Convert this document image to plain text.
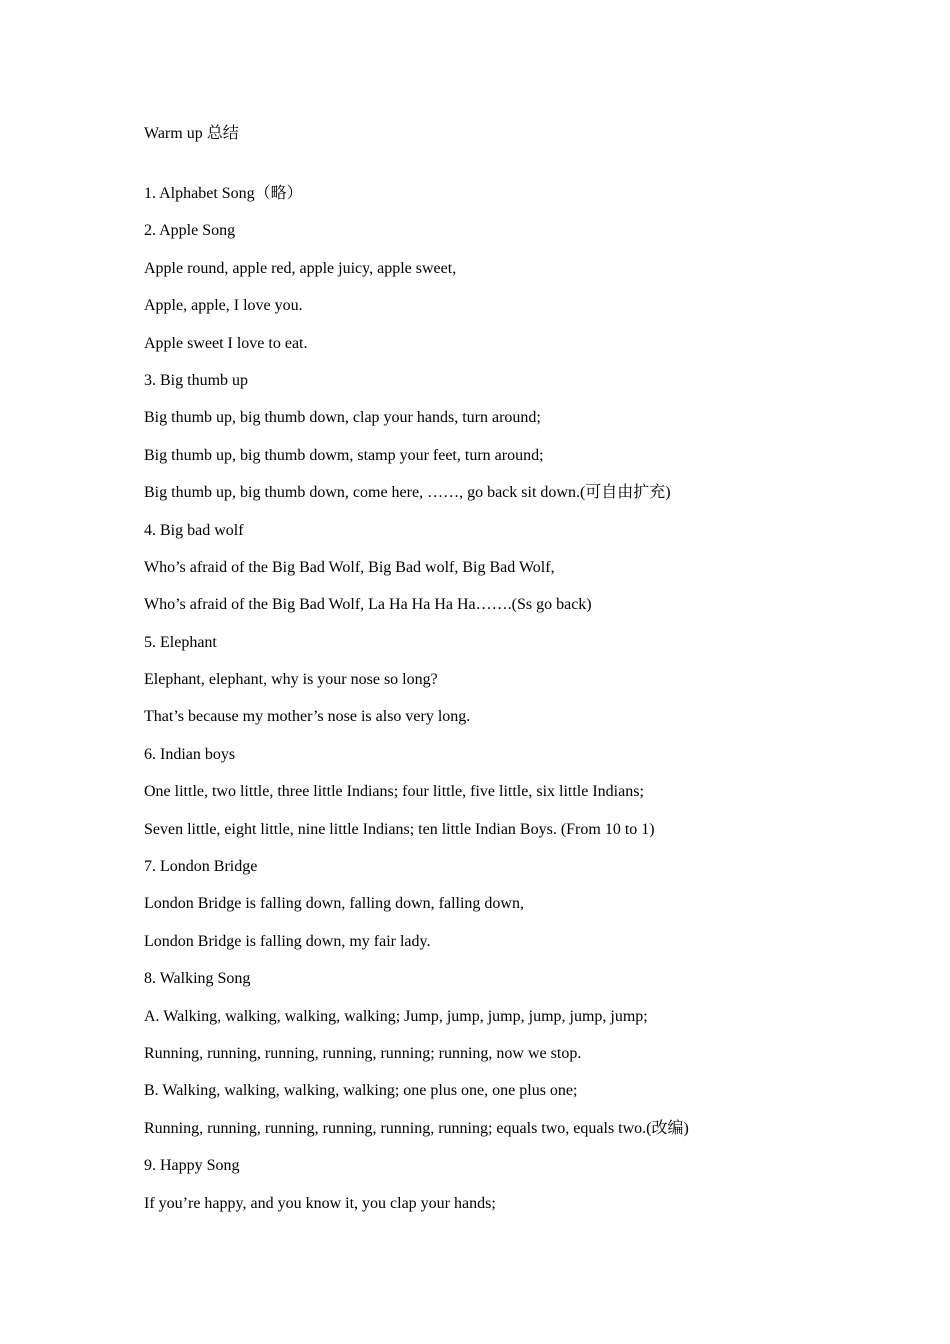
Warm up 总结
1. Alphabet Song（略）
2. Apple Song
Apple round, apple red, apple juicy, apple sweet,
Apple, apple, I love you.
Apple sweet I love to eat.
3. Big thumb up
Big thumb up, big thumb down, clap your hands, turn around;
Big thumb up, big thumb dowm, stamp your feet, turn around;
Big thumb up, big thumb down, come here, ……, go back sit down.(可自由扩充)
4. Big bad wolf
Who’s afraid of the Big Bad Wolf, Big Bad wolf, Big Bad Wolf,
Who’s afraid of the Big Bad Wolf, La Ha Ha Ha Ha…….(Ss go back)
5. Elephant
Elephant, elephant, why is your nose so long?
That’s because my mother’s nose is also very long.
6. Indian boys
One little, two little, three little Indians; four little, five little, six little Indians;
Seven little, eight little, nine little Indians; ten little Indian Boys. (From 10 to 1)
7. London Bridge
London Bridge is falling down, falling down, falling down,
London Bridge is falling down, my fair lady.
8. Walking Song
A. Walking, walking, walking, walking; Jump, jump, jump, jump, jump, jump;
Running, running, running, running, running; running, now we stop.
B. Walking, walking, walking, walking; one plus one, one plus one;
Running, running, running, running, running, running; equals two, equals two.(改编)
9. Happy Song
If you’re happy, and you know it, you clap your hands;
